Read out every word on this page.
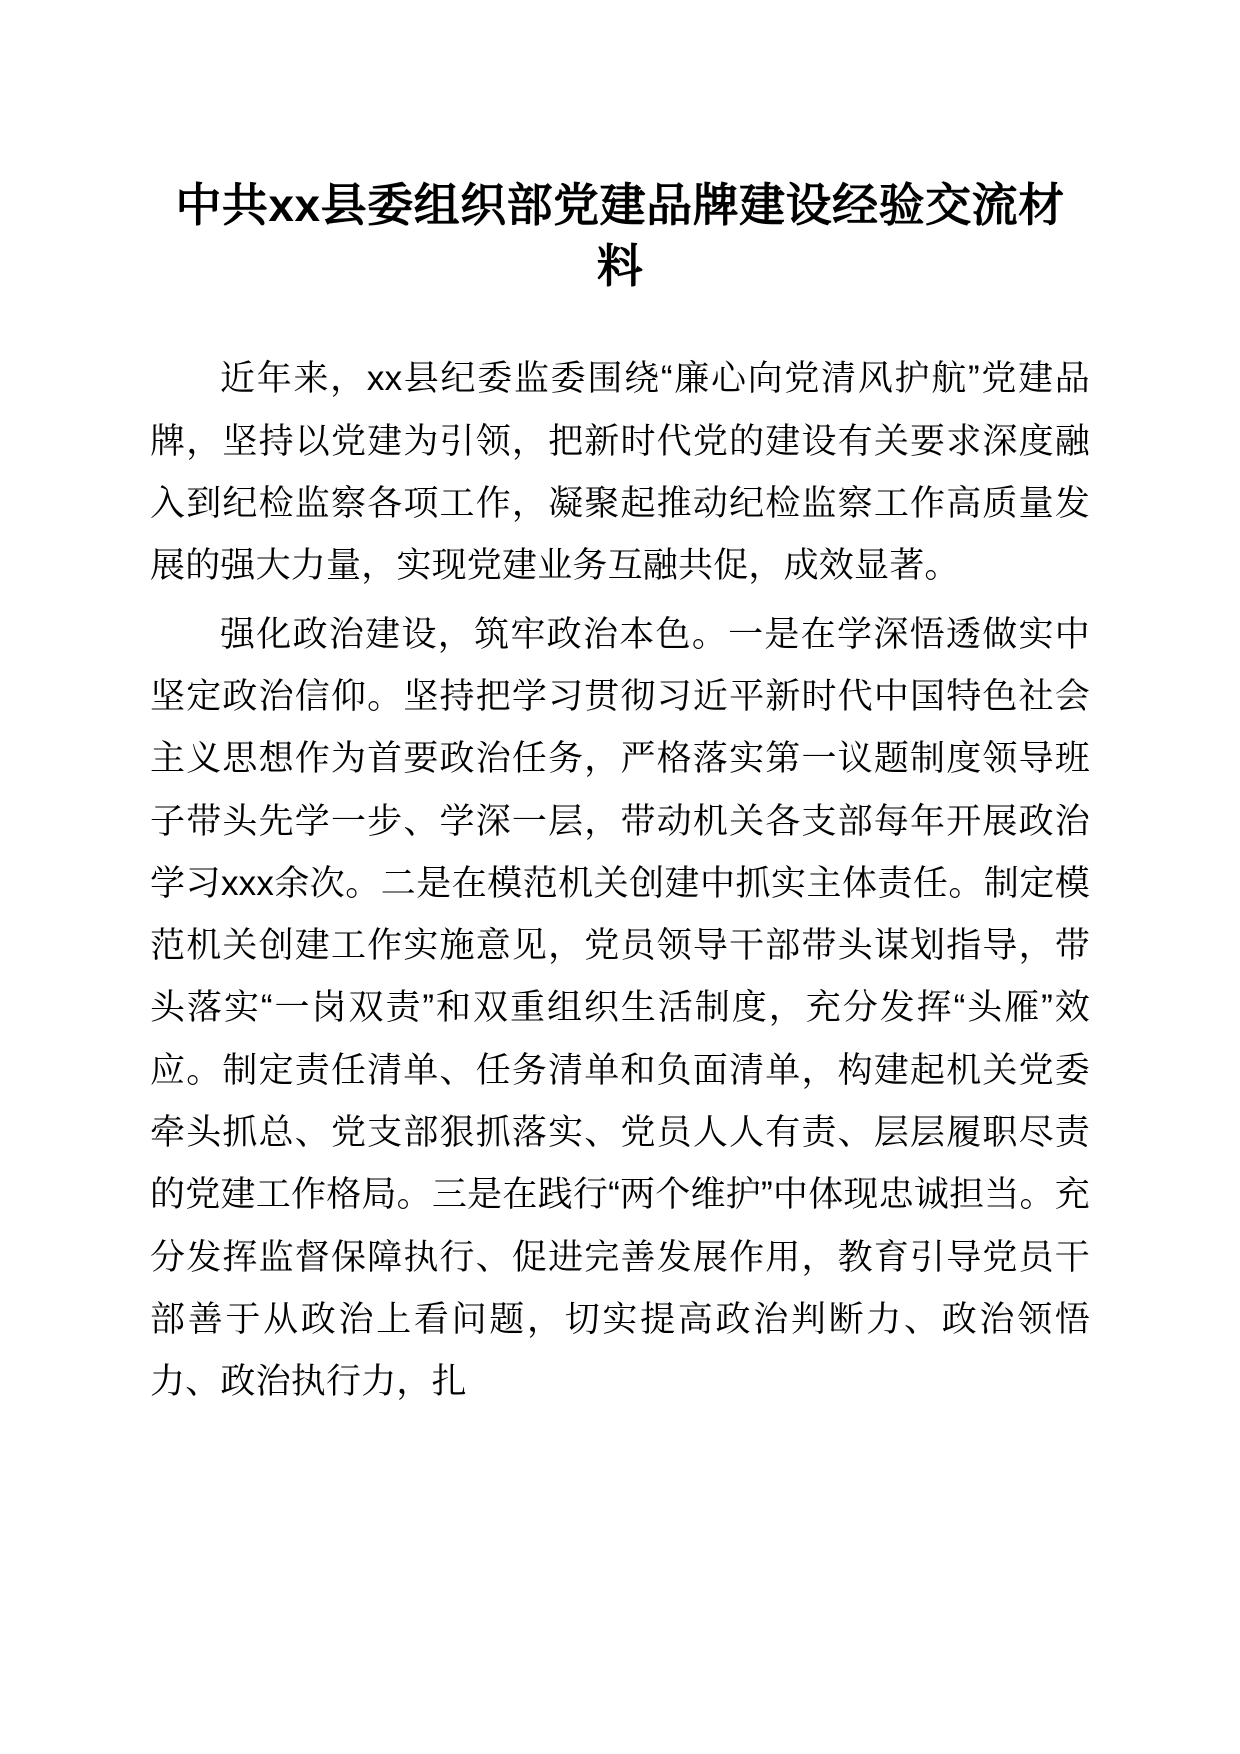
中共xx县委组织部党建品牌建设经验交流材料

近年来，xx县纪委监委围绕“廉心向党清风护航”党建品牌，坚持以党建为引领，把新时代党的建设有关要求深度融入到纪检监察各项工作，凝聚起推动纪检监察工作高质量发展的强大力量，实现党建业务互融共促，成效显著。

强化政治建设，筑牢政治本色。一是在学深悟透做实中坚定政治信仰。坚持把学习贯彻习近平新时代中国特色社会主义思想作为首要政治任务，严格落实第一议题制度领导班子带头先学一步、学深一层，带动机关各支部每年开展政治学习xxx余次。二是在模范机关创建中抓实主体责任。制定模范机关创建工作实施意见，党员领导干部带头谋划指导，带头落实“一岗双责”和双重组织生活制度，充分发挥“头雁”效应。制定责任清单、任务清单和负面清单，构建起机关党委牵头抓总、党支部狠抓落实、党员人人有责、层层履职尽责的党建工作格局。三是在践行“两个维护”中体现忠诚担当。充分发挥监督保障执行、促进完善发展作用，教育引导党员干部善于从政治上看问题，切实提高政治判断力、政治领悟力、政治执行力，扎
